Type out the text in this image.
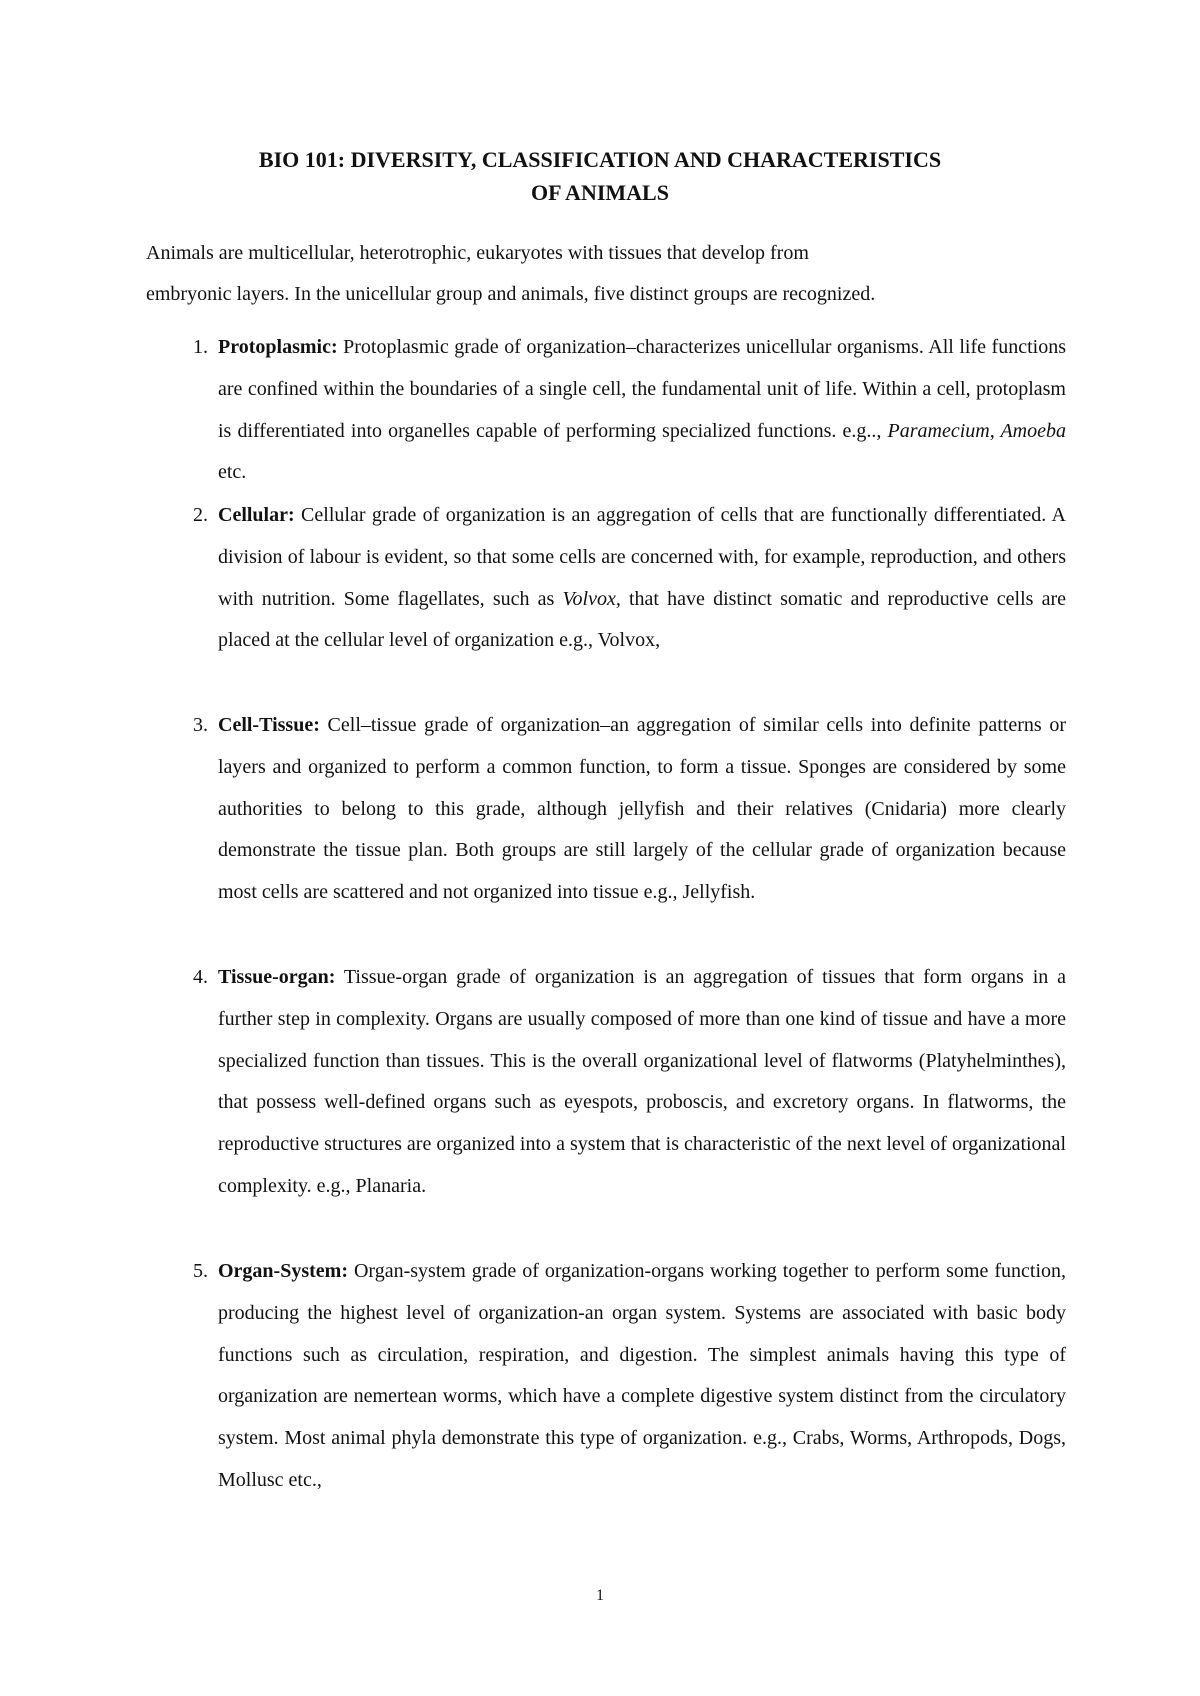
BIO 101: DIVERSITY, CLASSIFICATION AND CHARACTERISTICS
OF ANIMALS
Animals are multicellular, heterotrophic, eukaryotes with tissues that develop from
embryonic layers. In the unicellular group and animals, five distinct groups are recognized.
1. Protoplasmic: Protoplasmic grade of organization–characterizes unicellular organisms. All life functions are confined within the boundaries of a single cell, the fundamental unit of life. Within a cell, protoplasm is differentiated into organelles capable of performing specialized functions. e.g.., Paramecium, Amoeba etc.
2. Cellular: Cellular grade of organization is an aggregation of cells that are functionally differentiated. A division of labour is evident, so that some cells are concerned with, for example, reproduction, and others with nutrition. Some flagellates, such as Volvox, that have distinct somatic and reproductive cells are placed at the cellular level of organization e.g., Volvox,
3. Cell-Tissue: Cell–tissue grade of organization–an aggregation of similar cells into definite patterns or layers and organized to perform a common function, to form a tissue. Sponges are considered by some authorities to belong to this grade, although jellyfish and their relatives (Cnidaria) more clearly demonstrate the tissue plan. Both groups are still largely of the cellular grade of organization because most cells are scattered and not organized into tissue e.g., Jellyfish.
4. Tissue-organ: Tissue-organ grade of organization is an aggregation of tissues that form organs in a further step in complexity. Organs are usually composed of more than one kind of tissue and have a more specialized function than tissues. This is the overall organizational level of flatworms (Platyhelminthes), that possess well-defined organs such as eyespots, proboscis, and excretory organs. In flatworms, the reproductive structures are organized into a system that is characteristic of the next level of organizational complexity. e.g., Planaria.
5. Organ-System: Organ-system grade of organization-organs working together to perform some function, producing the highest level of organization-an organ system. Systems are associated with basic body functions such as circulation, respiration, and digestion. The simplest animals having this type of organization are nemertean worms, which have a complete digestive system distinct from the circulatory system. Most animal phyla demonstrate this type of organization. e.g., Crabs, Worms, Arthropods, Dogs, Mollusc etc.,
1
